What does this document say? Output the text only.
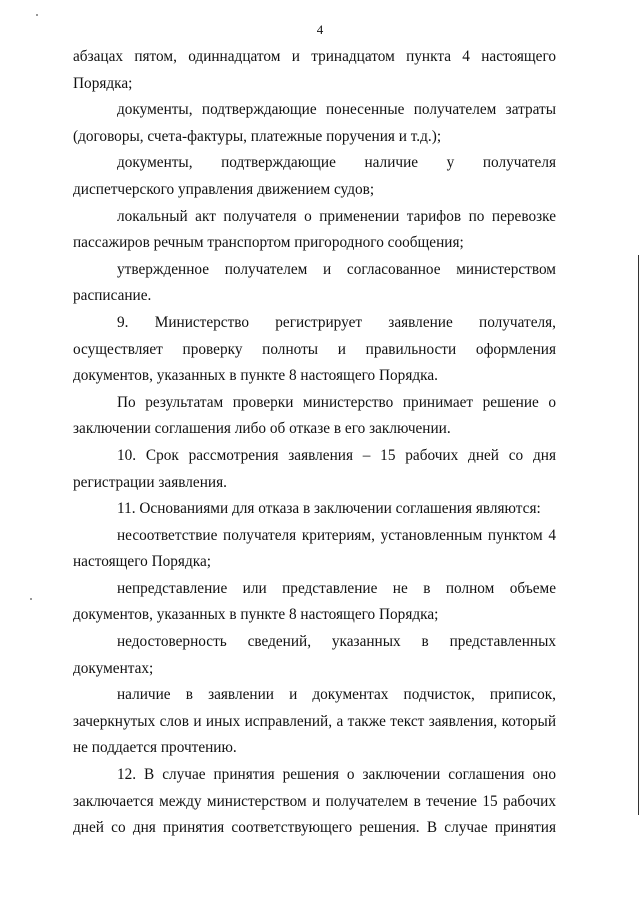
4

абзацах пятом, одиннадцатом и тринадцатом пункта 4 настоящего Порядка;

документы, подтверждающие понесенные получателем затраты (договоры, счета-фактуры, платежные поручения и т.д.);

документы, подтверждающие наличие у получателя диспетчерского управления движением судов;

локальный акт получателя о применении тарифов по перевозке пассажиров речным транспортом пригородного сообщения;

утвержденное получателем и согласованное министерством расписание.

9. Министерство регистрирует заявление получателя, осуществляет проверку полноты и правильности оформления документов, указанных в пункте 8 настоящего Порядка.

По результатам проверки министерство принимает решение о заключении соглашения либо об отказе в его заключении.

10. Срок рассмотрения заявления – 15 рабочих дней со дня регистрации заявления.

11. Основаниями для отказа в заключении соглашения являются:

несоответствие получателя критериям, установленным пунктом 4 настоящего Порядка;

непредставление или представление не в полном объеме документов, указанных в пункте 8 настоящего Порядка;

недостоверность сведений, указанных в представленных документах;

наличие в заявлении и документах подчисток, приписок, зачеркнутых слов и иных исправлений, а также текст заявления, который не поддается прочтению.

12. В случае принятия решения о заключении соглашения оно заключается между министерством и получателем в течение 15 рабочих дней со дня принятия соответствующего решения. В случае принятия
